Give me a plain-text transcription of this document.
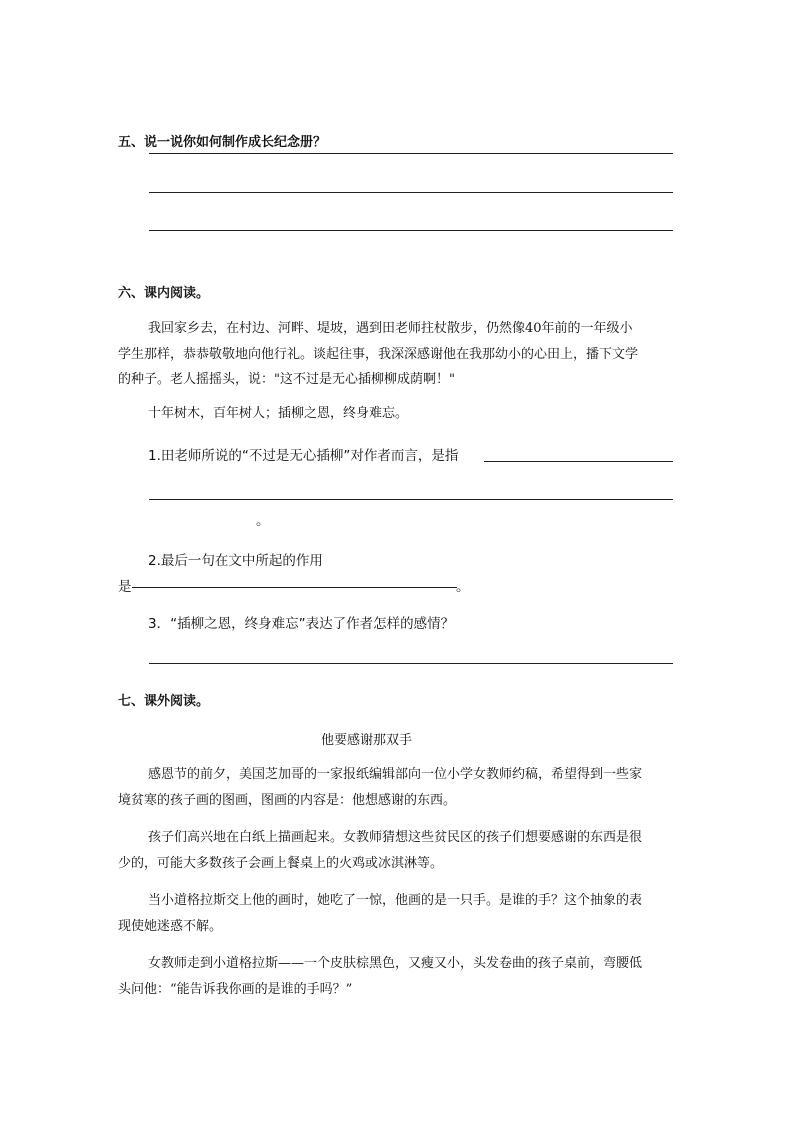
五、说一说你如何制作成长纪念册？
六、课内阅读。
我回家乡去，在村边、河畔、堤坡，遇到田老师拄杖散步，仍然像40年前的一年级小
学生那样，恭恭敬敬地向他行礼。谈起往事，我深深感谢他在我那幼小的心田上，播下文学
的种子。老人摇摇头，说："这不过是无心插柳柳成荫啊！"
十年树木，百年树人；插柳之恩，终身难忘。
1.田老师所说的“不过是无心插柳”对作者而言，是指
。
2.最后一句在文中所起的作用
是	。
3．“插柳之恩，终身难忘”表达了作者怎样的感情？
七、课外阅读。
他要感谢那双手
感恩节的前夕，美国芝加哥的一家报纸编辑部向一位小学女教师约稿，希望得到一些家
境贫寒的孩子画的图画，图画的内容是：他想感谢的东西。
孩子们高兴地在白纸上描画起来。女教师猜想这些贫民区的孩子们想要感谢的东西是很
少的，可能大多数孩子会画上餐桌上的火鸡或冰淇淋等。
当小道格拉斯交上他的画时，她吃了一惊，他画的是一只手。是谁的手？这个抽象的表
现使她迷惑不解。
女教师走到小道格拉斯——一个皮肤棕黑色，又瘦又小，头发卷曲的孩子桌前，弯腰低
头问他：“能告诉我你画的是谁的手吗？”
